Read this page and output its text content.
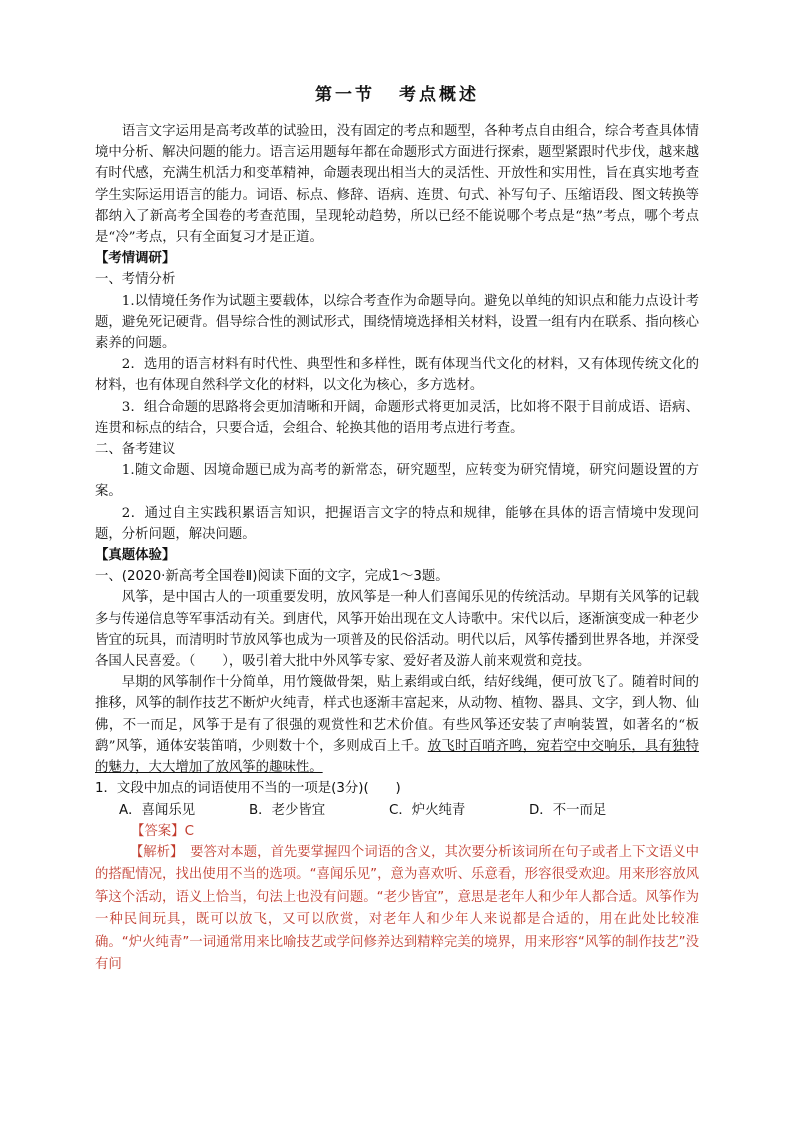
第一节 考点概述

语言文字运用是高考改革的试验田，没有固定的考点和题型，各种考点自由组合，综合考查具体情境中分析、解决问题的能力。语言运用题每年都在命题形式方面进行探索，题型紧跟时代步伐，越来越有时代感，充满生机活力和变革精神，命题表现出相当大的灵活性、开放性和实用性，旨在真实地考查学生实际运用语言的能力。词语、标点、修辞、语病、连贯、句式、补写句子、压缩语段、图文转换等都纳入了新高考全国卷的考查范围，呈现轮动趋势，所以已经不能说哪个考点是“热”考点，哪个考点是“冷”考点，只有全面复习才是正道。

【考情调研】

一、考情分析

1.以情境任务作为试题主要载体，以综合考查作为命题导向。避免以单纯的知识点和能力点设计考题，避免死记硬背。倡导综合性的测试形式，围绕情境选择相关材料，设置一组有内在联系、指向核心素养的问题。

2．选用的语言材料有时代性、典型性和多样性，既有体现当代文化的材料，又有体现传统文化的材料，也有体现自然科学文化的材料，以文化为核心，多方选材。

3．组合命题的思路将会更加清晰和开阔，命题形式将更加灵活，比如将不限于目前成语、语病、连贯和标点的结合，只要合适，会组合、轮换其他的语用考点进行考查。

二、备考建议

1.随文命题、因境命题已成为高考的新常态，研究题型，应转变为研究情境，研究问题设置的方案。

2．通过自主实践积累语言知识，把握语言文字的特点和规律，能够在具体的语言情境中发现问题，分析问题，解决问题。

【真题体验】

一、(2020·新高考全国卷Ⅱ)阅读下面的文字，完成1～3题。

风筝，是中国古人的一项重要发明，放风筝是一种人们喜闻乐见的传统活动。早期有关风筝的记载多与传递信息等军事活动有关。到唐代，风筝开始出现在文人诗歌中。宋代以后，逐渐演变成一种老少皆宜的玩具，而清明时节放风筝也成为一项普及的民俗活动。明代以后，风筝传播到世界各地，并深受各国人民喜爱。（　　），吸引着大批中外风筝专家、爱好者及游人前来观赏和竞技。

早期的风筝制作十分简单，用竹篾做骨架，贴上素绢或白纸，结好线绳，便可放飞了。随着时间的推移，风筝的制作技艺不断炉火纯青，样式也逐渐丰富起来，从动物、植物、器具、文字，到人物、仙佛，不一而足，风筝于是有了很强的观赏性和艺术价值。有些风筝还安装了声响装置，如著名的“板鹞”风筝，通体安装笛哨，少则数十个，多则成百上千。放飞时百哨齐鸣，宛若空中交响乐，具有独特的魅力，大大增加了放风筝的趣味性。

1．文段中加点的词语使用不当的一项是(3分)(　　)

A．喜闻乐见	B．老少皆宜	C．炉火纯青	D．不一而足
【答案】C

【解析】　 要答对本题，首先要掌握四个词语的含义，其次要分析该词所在句子或者上下文语义中的搭配情况，找出使用不当的选项。“喜闻乐见”，意为喜欢听、乐意看，形容很受欢迎。用来形容放风筝这个活动，语义上恰当，句法上也没有问题。“老少皆宜”，意思是老年人和少年人都合适。风筝作为一种民间玩具，既可以放飞，又可以欣赏，对老年人和少年人来说都是合适的，用在此处比较准确。“炉火纯青”一词通常用来比喻技艺或学问修养达到精粹完美的境界，用来形容“风筝的制作技艺”没有问
